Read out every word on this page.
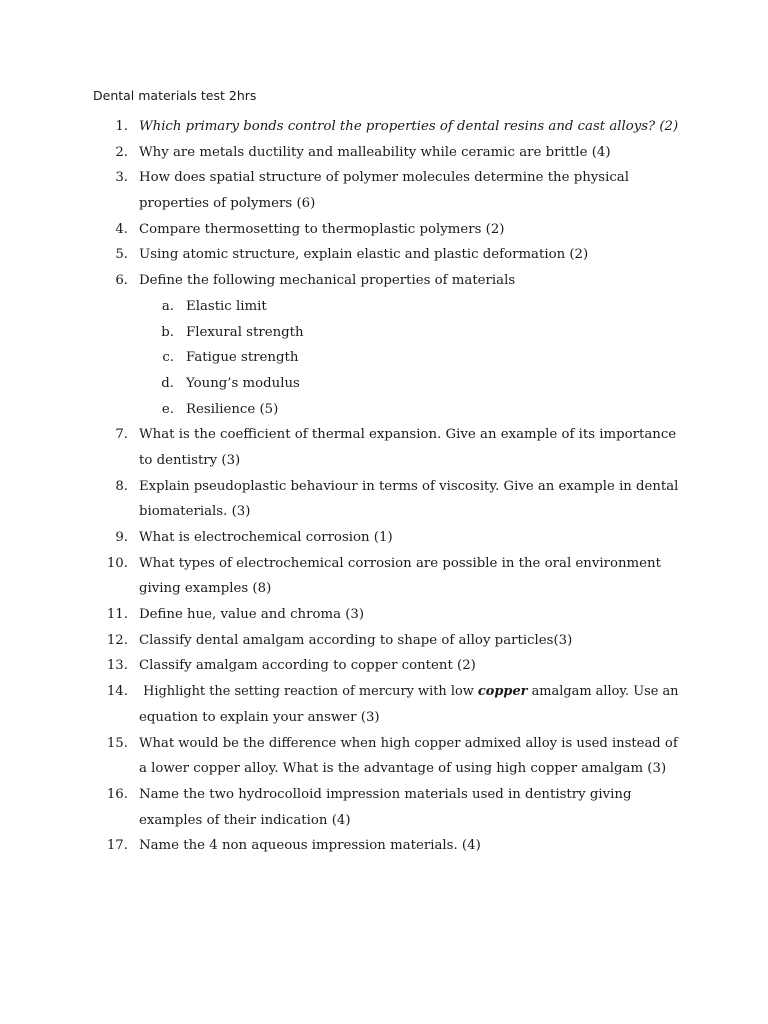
Dental materials test 2hrs
1. Which primary bonds control the properties of dental resins and cast alloys? (2)
2. Why are metals ductility and malleability while ceramic are brittle (4)
3. How does spatial structure of polymer molecules determine the physical
properties of polymers (6)
4. Compare thermosetting to thermoplastic polymers (2)
5. Using atomic structure, explain elastic and plastic deformation (2)
6. Define the following mechanical properties of materials
a. Elastic limit
b. Flexural strength
c. Fatigue strength
d. Young’s modulus
e. Resilience (5)
7. What is the coefficient of thermal expansion. Give an example of its importance
to dentistry (3)
8. Explain pseudoplastic behaviour in terms of viscosity. Give an example in dental
biomaterials. (3)
9. What is electrochemical corrosion (1)
10. What types of electrochemical corrosion are possible in the oral environment
giving examples (8)
11. Define hue, value and chroma (3)
12. Classify dental amalgam according to shape of alloy particles(3)
13. Classify amalgam according to copper content (2)
14. Highlight the setting reaction of mercury with low copper amalgam alloy. Use an
equation to explain your answer (3)
15. What would be the difference when high copper admixed alloy is used instead of
a lower copper alloy. What is the advantage of using high copper amalgam (3)
16. Name the two hydrocolloid impression materials used in dentistry giving
examples of their indication (4)
17. Name the 4 non aqueous impression materials. (4)
